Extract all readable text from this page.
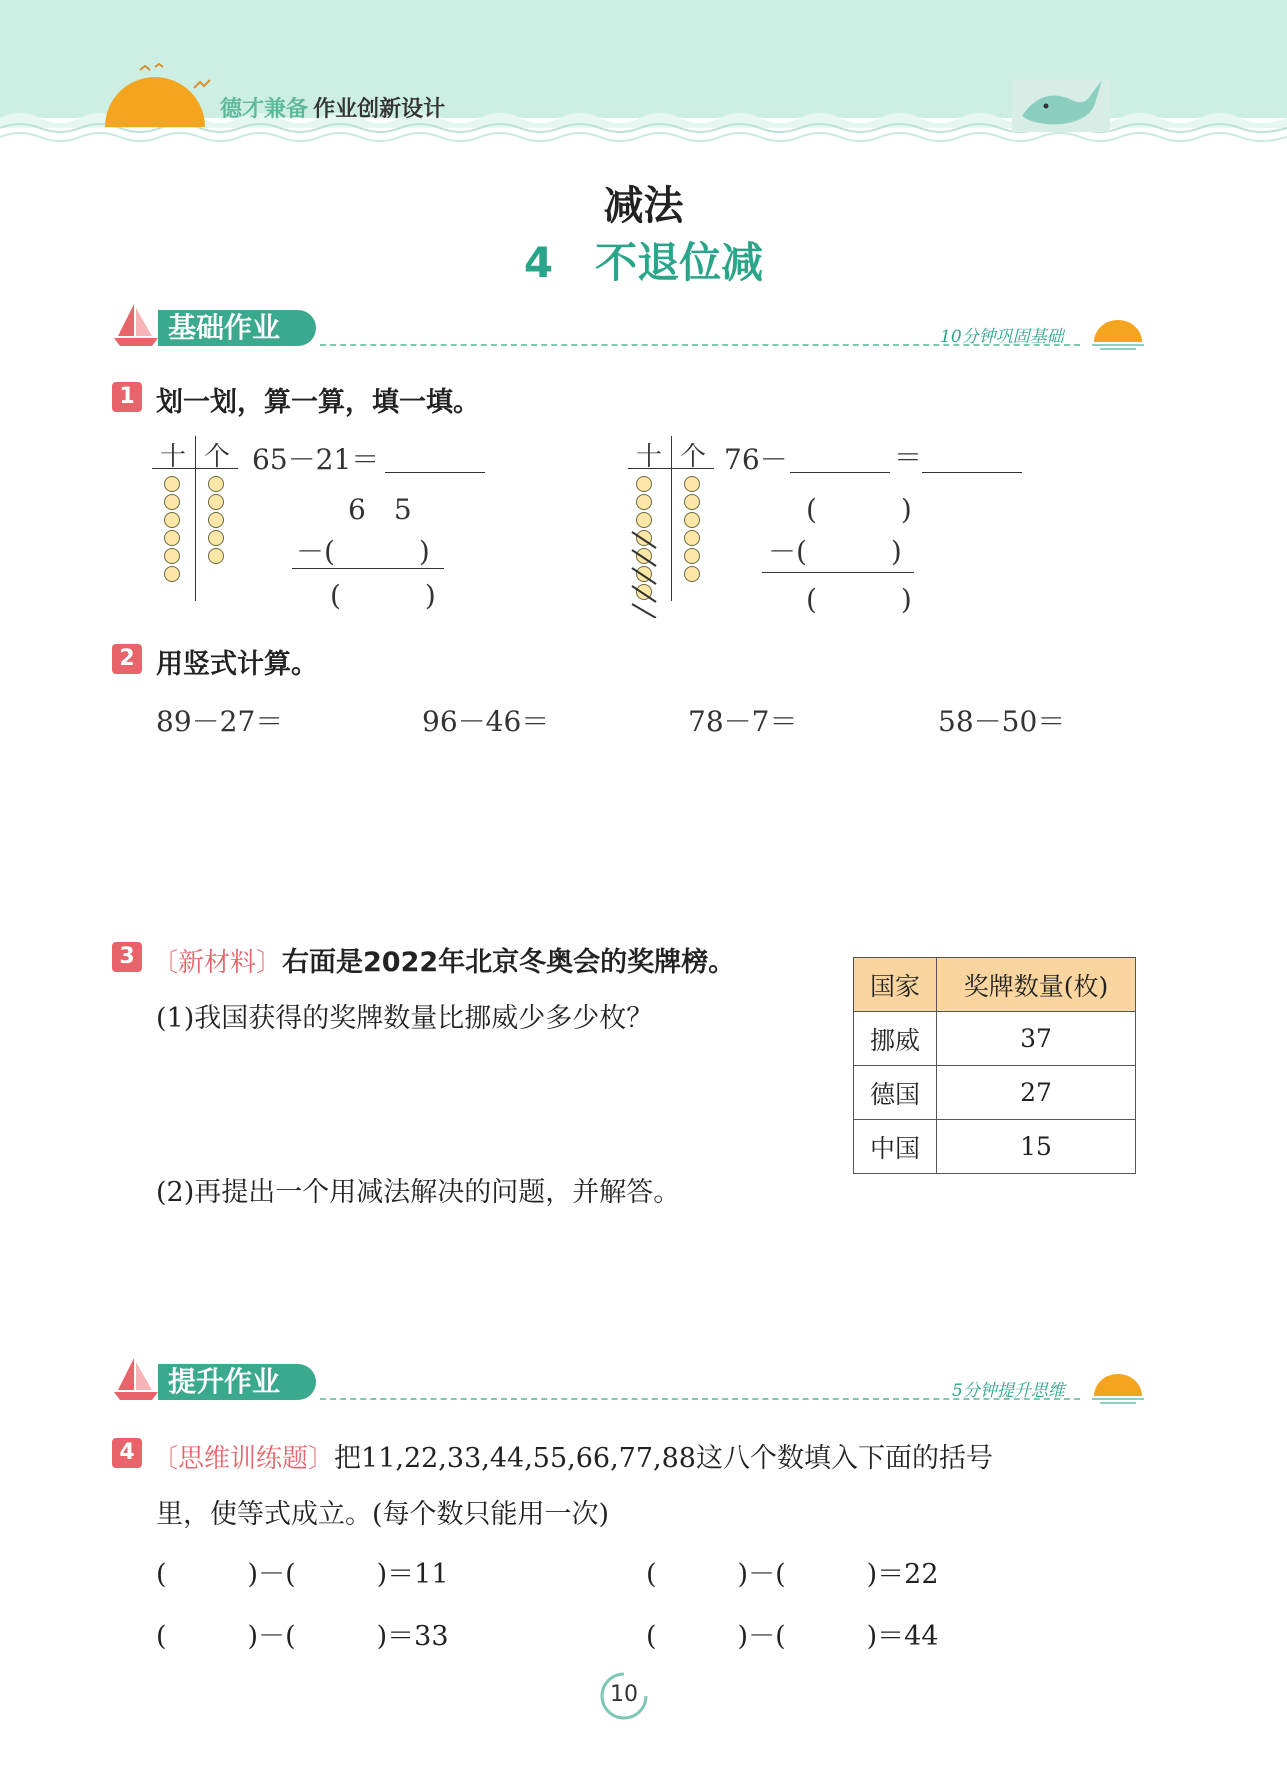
德才兼备 作业创新设计
减法
4　不退位减
基础作业	10分钟巩固基础
1 划一划，算一算，填一填。
十 个 65－21＝
6　5
－(　　　)
(　　　)
十 个 76－	＝
(　　　)
－(　　　)
(　　　)
2 用竖式计算。
89－27＝	96－46＝	78－7＝	58－50＝
3 〔新材料〕右面是2022年北京冬奥会的奖牌榜。
(1)我国获得的奖牌数量比挪威少多少枚？
(2)再提出一个用减法解决的问题，并解答。
国家	奖牌数量(枚)
挪威	37
德国	27
中国	15
提升作业	5分钟提升思维
4 〔思维训练题〕把11,22,33,44,55,66,77,88这八个数填入下面的括号
里，使等式成立。(每个数只能用一次)
(　　　)－(　　　)＝11	(　　　)－(　　　)＝22
(　　　)－(　　　)＝33	(　　　)－(　　　)＝44
10
